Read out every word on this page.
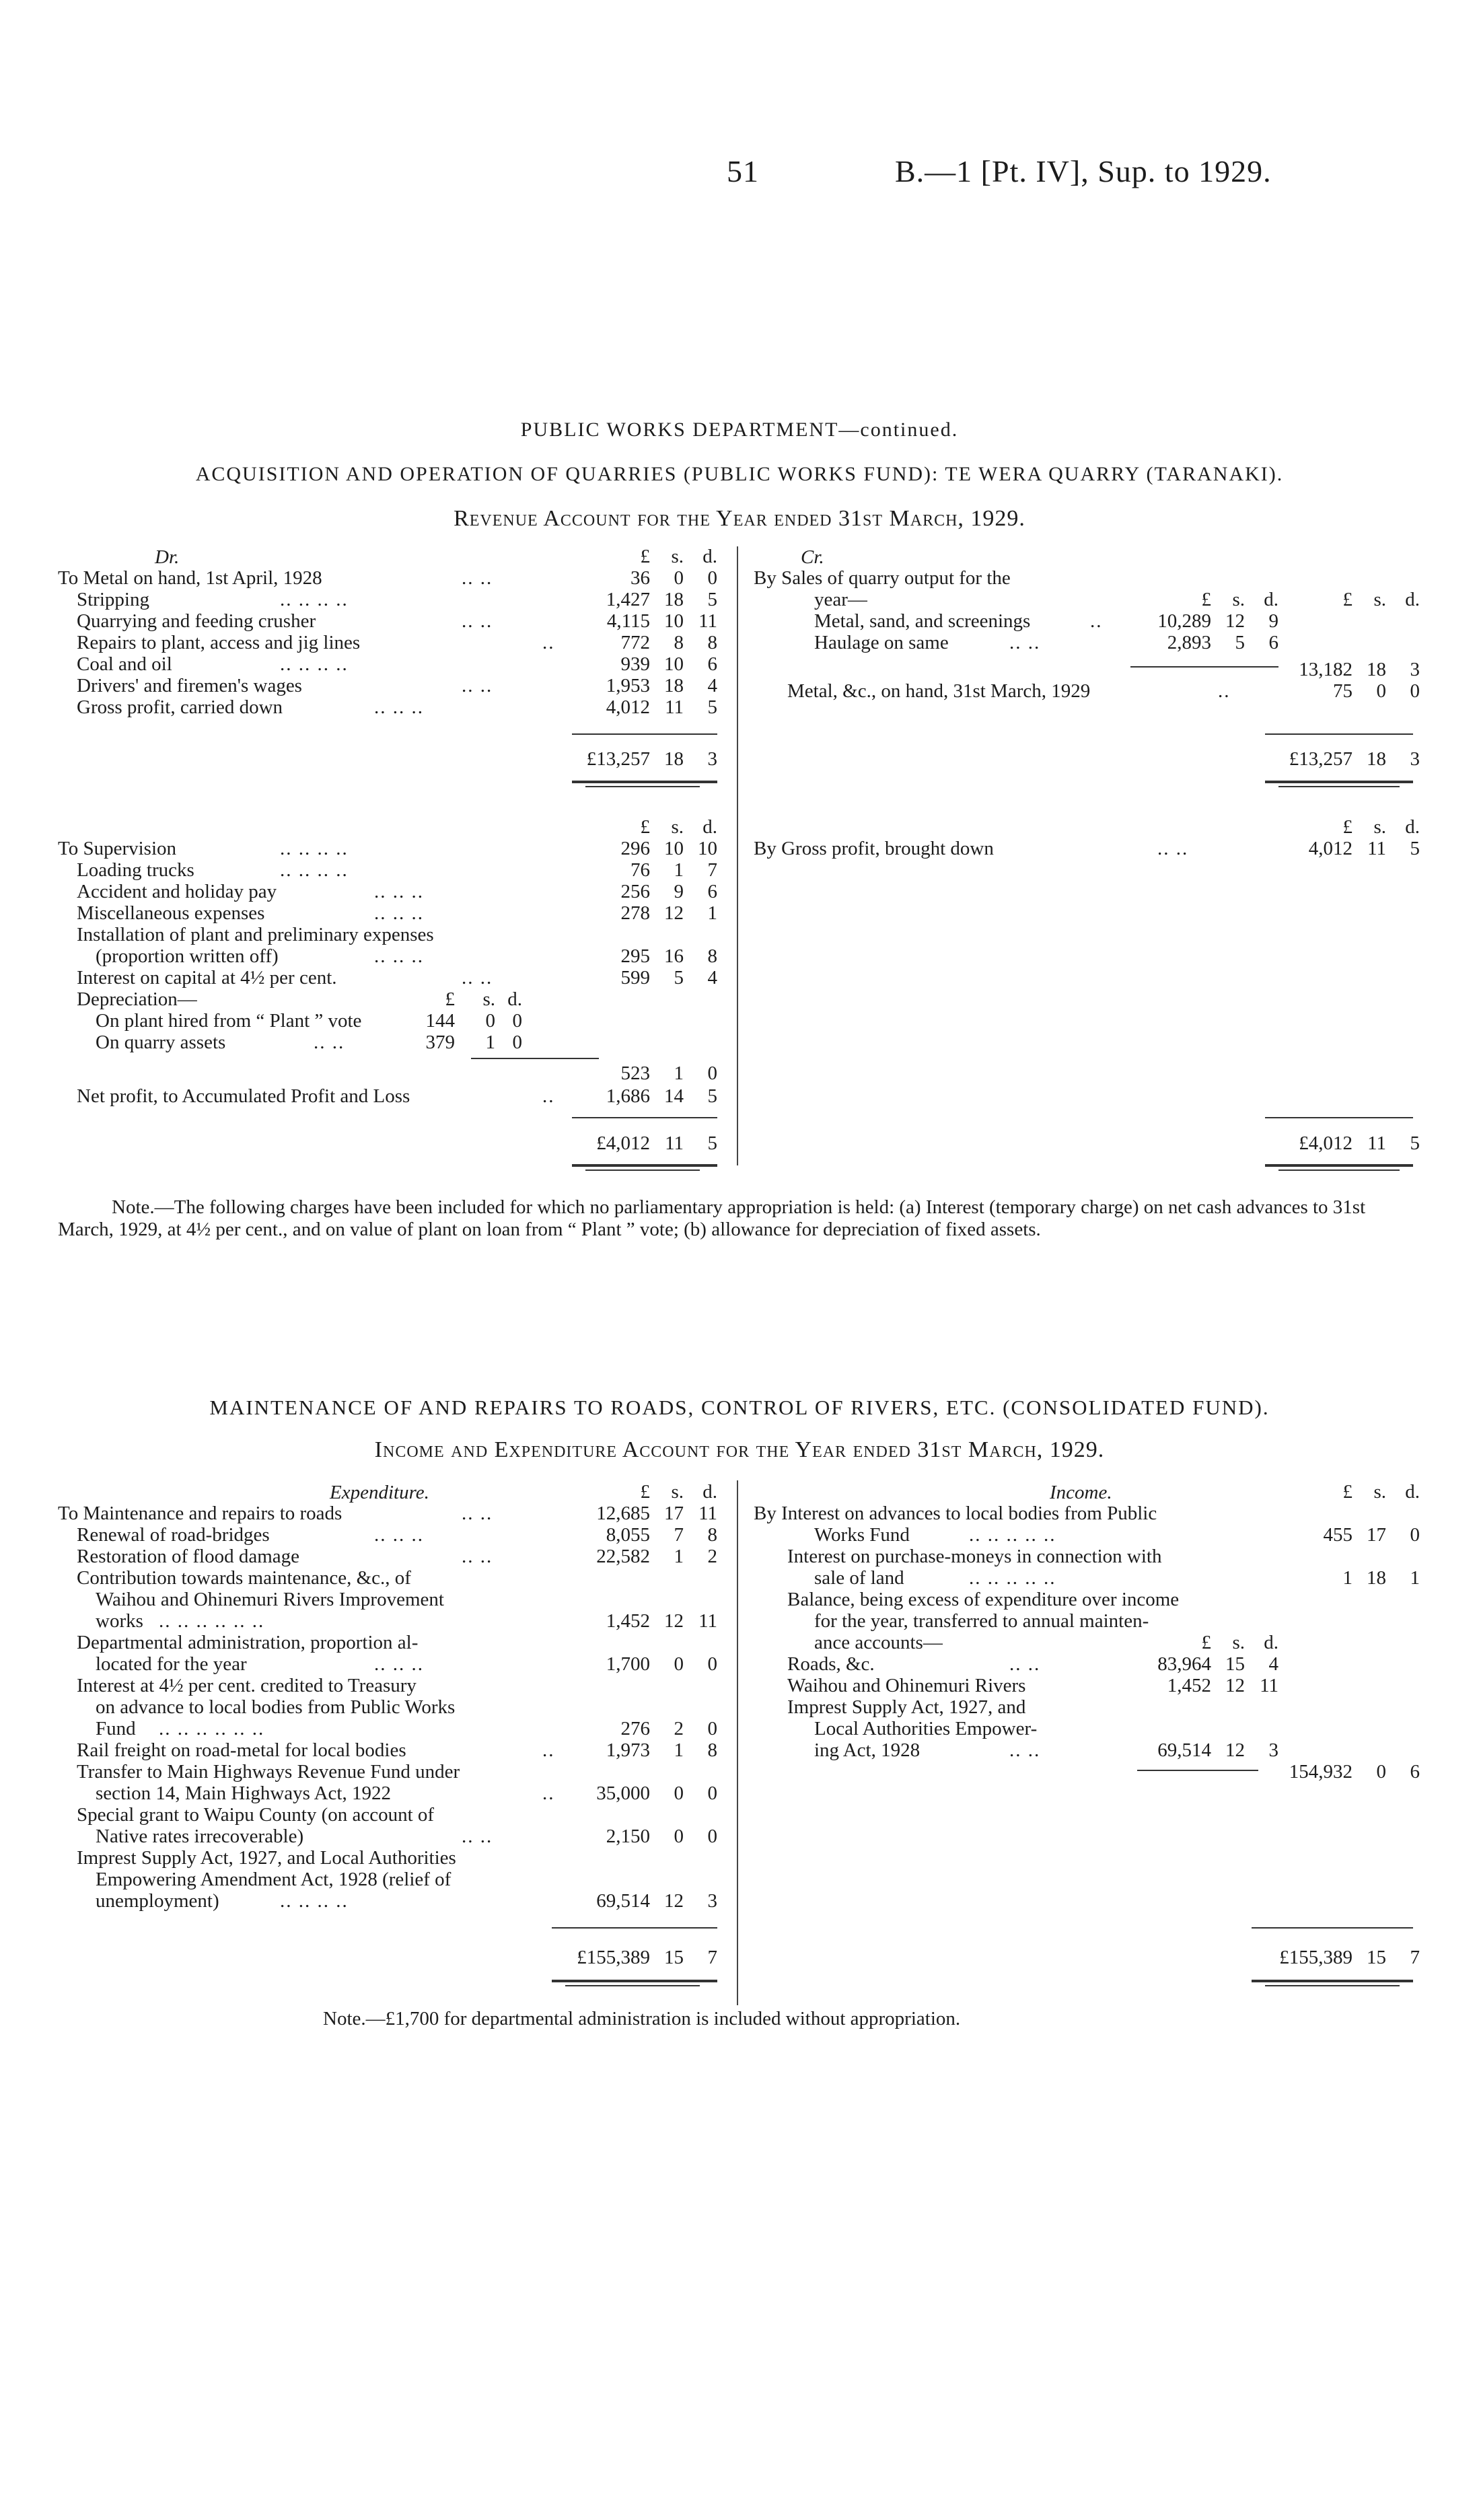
51	B.—1 [Pt. IV], Sup. to 1929.
PUBLIC WORKS DEPARTMENT—continued.
ACQUISITION AND OPERATION OF QUARRIES (PUBLIC WORKS FUND): TE WERA QUARRY (TARANAKI).
Revenue Account for the Year ended 31st March, 1929.
Dr.	£	s. d.
To Metal on hand, 1st April, 1928	.. ..	36	0	0
Stripping	.. .. .. ..	1,427 18	5
Quarrying and feeding crusher	.. ..	4,115 10 11
Repairs to plant, access and jig lines	..	772	8	8
Coal and oil	.. .. .. ..	939 10	6
Drivers' and firemen's wages	.. ..	1,953 18	4
Gross profit, carried down	.. .. ..	4,012 11	5
£13,257 18	3
Cr.
By Sales of quarry output for the
year—	£	s. d.	£	s. d.
Metal, sand, and screenings	..	10,289 12	9
Haulage on same	.. ..	2,893	5	6
13,182 18	3
Metal, &c., on hand, 31st March, 1929	..	75	0	0
£13,257 18	3
£	s. d.
To Supervision	.. .. .. ..	296 10 10
Loading trucks	.. .. .. ..	76	1	7
Accident and holiday pay	.. .. ..	256	9	6
Miscellaneous expenses	.. .. ..	278 12	1
Installation of plant and preliminary expenses
(proportion written off)	.. .. ..	295 16	8
Interest on capital at 4½ per cent.	.. ..	599	5	4
Depreciation—	£	s. d.
On plant hired from “ Plant ” vote	144	0 0
On quarry assets	.. ..	379	1 0
523	1	0
Net profit, to Accumulated Profit and Loss	..	1,686 14	5
£4,012 11	5
£	s. d.
By Gross profit, brought down	.. ..	4,012 11	5
£4,012 11	5
Note.—The following charges have been included for which no parliamentary appropriation is held: (a) Interest (temporary charge) on net cash advances to 31st March, 1929, at 4½ per cent., and on value of plant on loan from “ Plant ” vote; (b) allowance for depreciation of fixed assets.
MAINTENANCE OF AND REPAIRS TO ROADS, CONTROL OF RIVERS, ETC. (CONSOLIDATED FUND).
Income and Expenditure Account for the Year ended 31st March, 1929.
Expenditure.	£	s. d.
To Maintenance and repairs to roads	.. ..	12,685 17 11
Renewal of road-bridges	.. .. ..	8,055	7	8
Restoration of flood damage	.. ..	22,582	1	2
Contribution towards maintenance, &c., of
Waihou and Ohinemuri Rivers Improvement
works .. .. .. .. .. ..	1,452 12 11
Departmental administration, proportion al-
located for the year	.. .. ..	1,700	0	0
Interest at 4½ per cent. credited to Treasury
on advance to local bodies from Public Works
Fund .. .. .. .. .. ..	276	2	0
Rail freight on road-metal for local bodies	..	1,973	1	8
Transfer to Main Highways Revenue Fund under
section 14, Main Highways Act, 1922	..	35,000	0	0
Special grant to Waipu County (on account of
Native rates irrecoverable)	.. ..	2,150	0	0
Imprest Supply Act, 1927, and Local Authorities
Empowering Amendment Act, 1928 (relief of
unemployment)	.. .. .. ..	69,514 12	3
£155,389 15	7
Income.	£	s. d.
By Interest on advances to local bodies from Public
Works Fund	.. .. .. .. ..	455 17	0
Interest on purchase-moneys in connection with
sale of land	.. .. .. .. ..	1 18	1
Balance, being excess of expenditure over income
for the year, transferred to annual mainten-
ance accounts—	£	s. d.
Roads, &c.	.. ..	83,964 15	4
Waihou and Ohinemuri Rivers	1,452 12 11
Imprest Supply Act, 1927, and
Local Authorities Empower-
ing Act, 1928	.. ..	69,514 12	3
154,932	0	6
£155,389 15	7
Note.—£1,700 for departmental administration is included without appropriation.
